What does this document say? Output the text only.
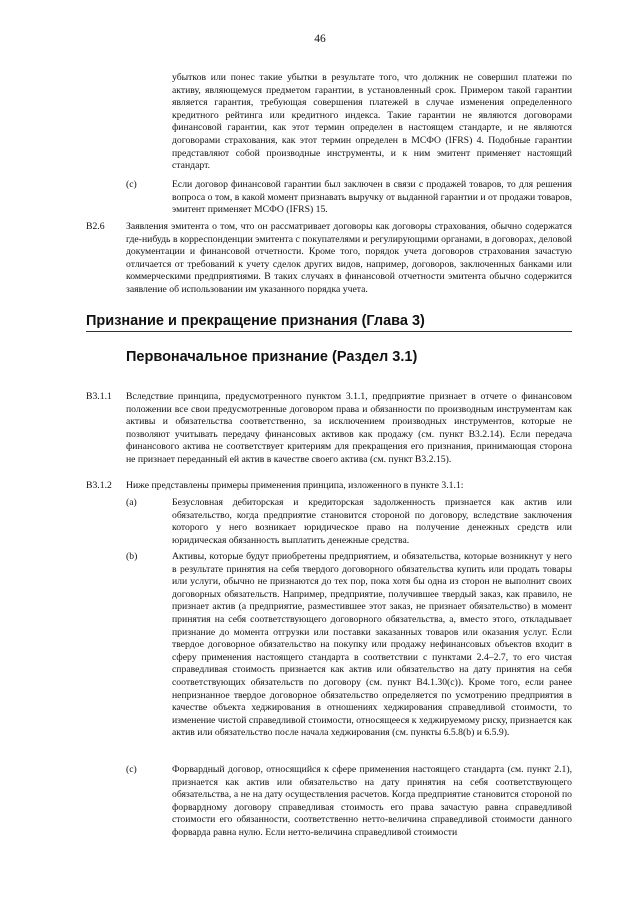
46
убытков или понес такие убытки в результате того, что должник не совершил платежи по активу, являющемуся предметом гарантии, в установленный срок. Примером такой гарантии является гарантия, требующая совершения платежей в случае изменения определенного кредитного рейтинга или кредитного индекса. Такие гарантии не являются договорами финансовой гарантии, как этот термин определен в настоящем стандарте, и не являются договорами страхования, как этот термин определен в МСФО (IFRS) 4. Подобные гарантии представляют собой производные инструменты, и к ним эмитент применяет настоящий стандарт.
(c)	Если договор финансовой гарантии был заключен в связи с продажей товаров, то для решения вопроса о том, в какой момент признавать выручку от выданной гарантии и от продажи товаров, эмитент применяет МСФО (IFRS) 15.
B2.6 Заявления эмитента о том, что он рассматривает договоры как договоры страхования, обычно содержатся где-нибудь в корреспонденции эмитента с покупателями и регулирующими органами, в договорах, деловой документации и финансовой отчетности. Кроме того, порядок учета договоров страхования зачастую отличается от требований к учету сделок других видов, например, договоров, заключенных банками или коммерческими предприятиями. В таких случаях в финансовой отчетности эмитента обычно содержится заявление об использовании им указанного порядка учета.
Признание и прекращение признания (Глава 3)
Первоначальное признание (Раздел 3.1)
B3.1.1 Вследствие принципа, предусмотренного пунктом 3.1.1, предприятие признает в отчете о финансовом положении все свои предусмотренные договором права и обязанности по производным инструментам как активы и обязательства соответственно, за исключением производных инструментов, которые не позволяют учитывать передачу финансовых активов как продажу (см. пункт B3.2.14). Если передача финансового актива не соответствует критериям для прекращения его признания, принимающая сторона не признает переданный ей актив в качестве своего актива (см. пункт B3.2.15).
B3.1.2 Ниже представлены примеры применения принципа, изложенного в пункте 3.1.1:
(a)	Безусловная дебиторская и кредиторская задолженность признается как актив или обязательство, когда предприятие становится стороной по договору, вследствие заключения которого у него возникает юридическое право на получение денежных средств или юридическая обязанность выплатить денежные средства.
(b)	Активы, которые будут приобретены предприятием, и обязательства, которые возникнут у него в результате принятия на себя твердого договорного обязательства купить или продать товары или услуги, обычно не признаются до тех пор, пока хотя бы одна из сторон не выполнит своих договорных обязательств. Например, предприятие, получившее твердый заказ, как правило, не признает актив (а предприятие, разместившее этот заказ, не признает обязательство) в момент принятия на себя соответствующего договорного обязательства, а, вместо этого, откладывает признание до момента отгрузки или поставки заказанных товаров или оказания услуг. Если твердое договорное обязательство на покупку или продажу нефинансовых объектов входит в сферу применения настоящего стандарта в соответствии с пунктами 2.4–2.7, то его чистая справедливая стоимость признается как актив или обязательство на дату принятия на себя соответствующих обязательств по договору (см. пункт B4.1.30(c)). Кроме того, если ранее непризнанное твердое договорное обязательство определяется по усмотрению предприятия в качестве объекта хеджирования в отношениях хеджирования справедливой стоимости, то изменение чистой справедливой стоимости, относящееся к хеджируемому риску, признается как актив или обязательство после начала хеджирования (см. пункты 6.5.8(b) и 6.5.9).
(c)	Форвардный договор, относящийся к сфере применения настоящего стандарта (см. пункт 2.1), признается как актив или обязательство на дату принятия на себя соответствующего обязательства, а не на дату осуществления расчетов. Когда предприятие становится стороной по форвардному договору справедливая стоимость его права зачастую равна справедливой стоимости его обязанности, соответственно нетто-величина справедливой стоимости данного форварда равна нулю. Если нетто-величина справедливой стоимости
